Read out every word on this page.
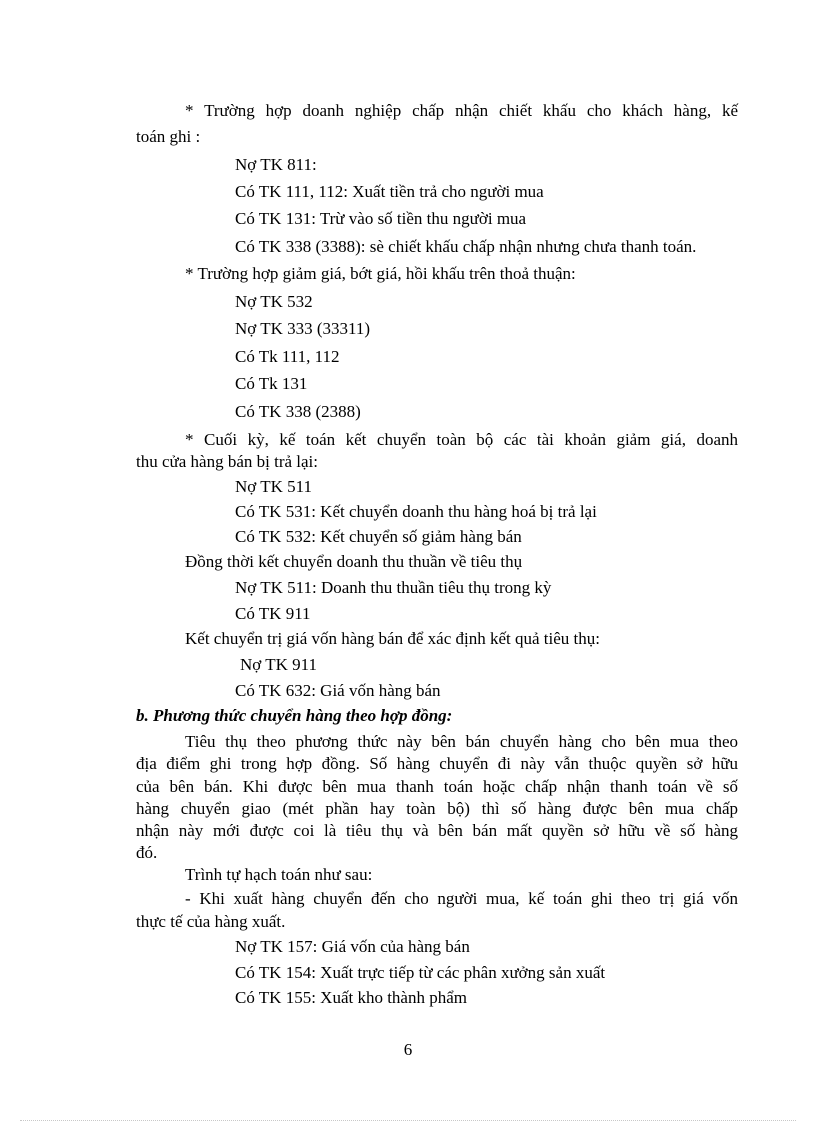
* Trường hợp doanh nghiệp chấp nhận chiết khấu cho khách hàng, kế
toán ghi :
Nợ TK 811:
Có TK 111, 112: Xuất tiền trả cho người mua
Có TK 131: Trừ vào số tiền thu người mua
Có TK 338 (3388): sè chiết khấu chấp nhận nhưng chưa thanh toán.
* Trường hợp giảm giá, bớt giá, hồi khấu trên thoả thuận:
Nợ TK 532
Nợ TK 333 (33311)
Có Tk 111, 112
Có Tk 131
Có TK 338 (2388)
* Cuối kỳ, kế toán kết chuyển toàn bộ các tài khoản giảm giá, doanh
thu cửa hàng bán bị trả lại:
Nợ TK 511
Có TK 531: Kết chuyển doanh thu hàng hoá bị trả lại
Có TK 532: Kết chuyển số giảm hàng bán
Đồng thời kết chuyển doanh thu thuần về tiêu thụ
Nợ TK 511: Doanh thu thuần tiêu thụ trong kỳ
Có TK 911
Kết chuyển trị giá vốn hàng bán để xác định kết quả tiêu thụ:
Nợ TK 911
Có TK 632: Giá vốn hàng bán
b. Phương thức chuyển hàng theo hợp đồng:
Tiêu thụ theo phương thức này bên bán chuyển hàng cho bên mua theo
địa điểm ghi trong hợp đồng. Số hàng chuyển đi này vẫn thuộc quyền sở hữu
của bên bán. Khi được bên mua thanh toán hoặc chấp nhận thanh toán về số
hàng chuyển giao (mét phần hay toàn bộ) thì số hàng được bên mua chấp
nhận này mới được coi là tiêu thụ và bên bán mất quyền sở hữu về số hàng
đó.
Trình tự hạch toán như sau:
- Khi xuất hàng chuyển đến cho người mua, kế toán ghi theo trị giá vốn
thực tế của hàng xuất.
Nợ TK 157: Giá vốn của hàng bán
Có TK 154: Xuất trực tiếp từ các phân xưởng sản xuất
Có TK 155: Xuất kho thành phẩm
6
